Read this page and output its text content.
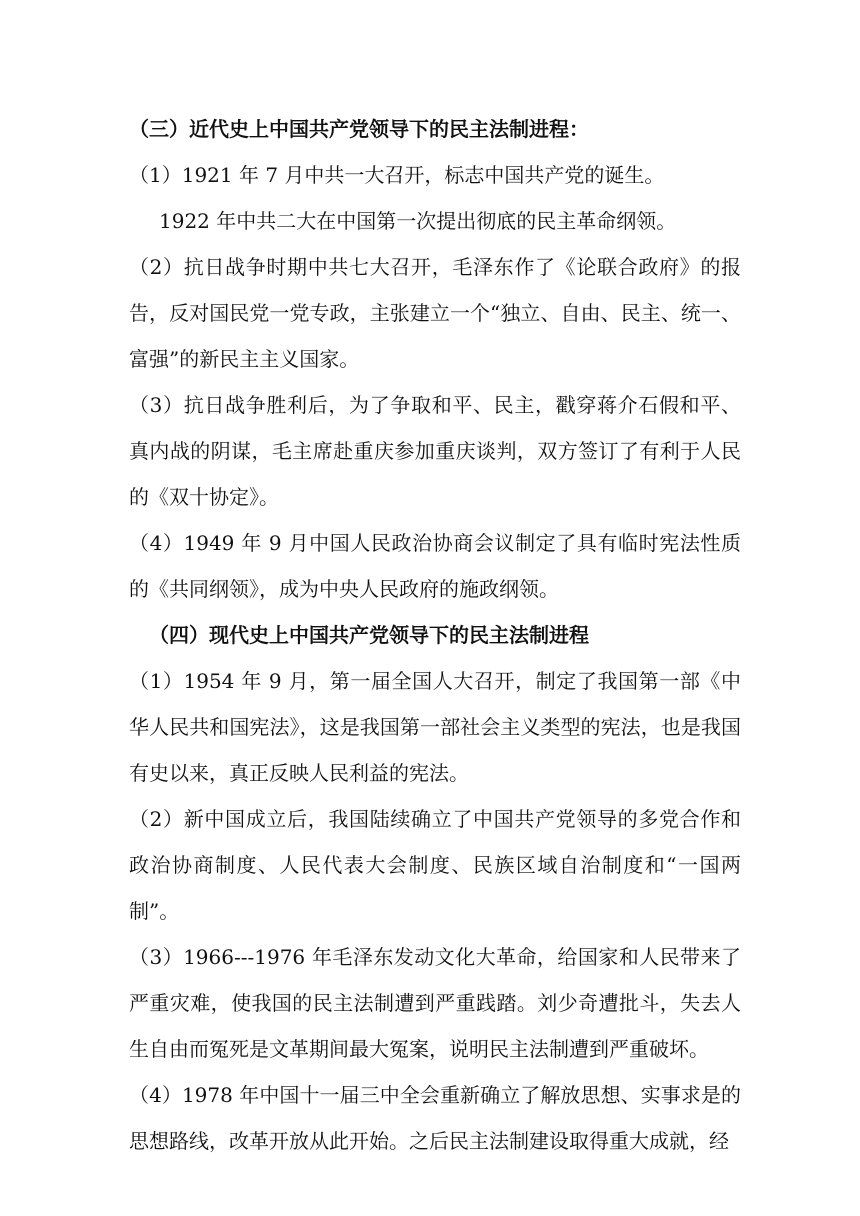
（三）近代史上中国共产党领导下的民主法制进程：

（1）1921 年 7 月中共一大召开，标志中国共产党的诞生。

1922 年中共二大在中国第一次提出彻底的民主革命纲领。

（2）抗日战争时期中共七大召开，毛泽东作了《论联合政府》的报告，反对国民党一党专政，主张建立一个“独立、自由、民主、统一、富强”的新民主主义国家。

（3）抗日战争胜利后，为了争取和平、民主，戳穿蒋介石假和平、真内战的阴谋，毛主席赴重庆参加重庆谈判，双方签订了有利于人民的《双十协定》。

（4）1949 年 9 月中国人民政治协商会议制定了具有临时宪法性质的《共同纲领》，成为中央人民政府的施政纲领。

（四）现代史上中国共产党领导下的民主法制进程

（1）1954 年 9 月，第一届全国人大召开，制定了我国第一部《中华人民共和国宪法》，这是我国第一部社会主义类型的宪法，也是我国有史以来，真正反映人民利益的宪法。

（2）新中国成立后，我国陆续确立了中国共产党领导的多党合作和政治协商制度、人民代表大会制度、民族区域自治制度和“一国两制”。

（3）1966---1976 年毛泽东发动文化大革命，给国家和人民带来了严重灾难，使我国的民主法制遭到严重践踏。刘少奇遭批斗，失去人生自由而冤死是文革期间最大冤案，说明民主法制遭到严重破坏。

（4）1978 年中国十一届三中全会重新确立了解放思想、实事求是的思想路线，改革开放从此开始。之后民主法制建设取得重大成就，经
